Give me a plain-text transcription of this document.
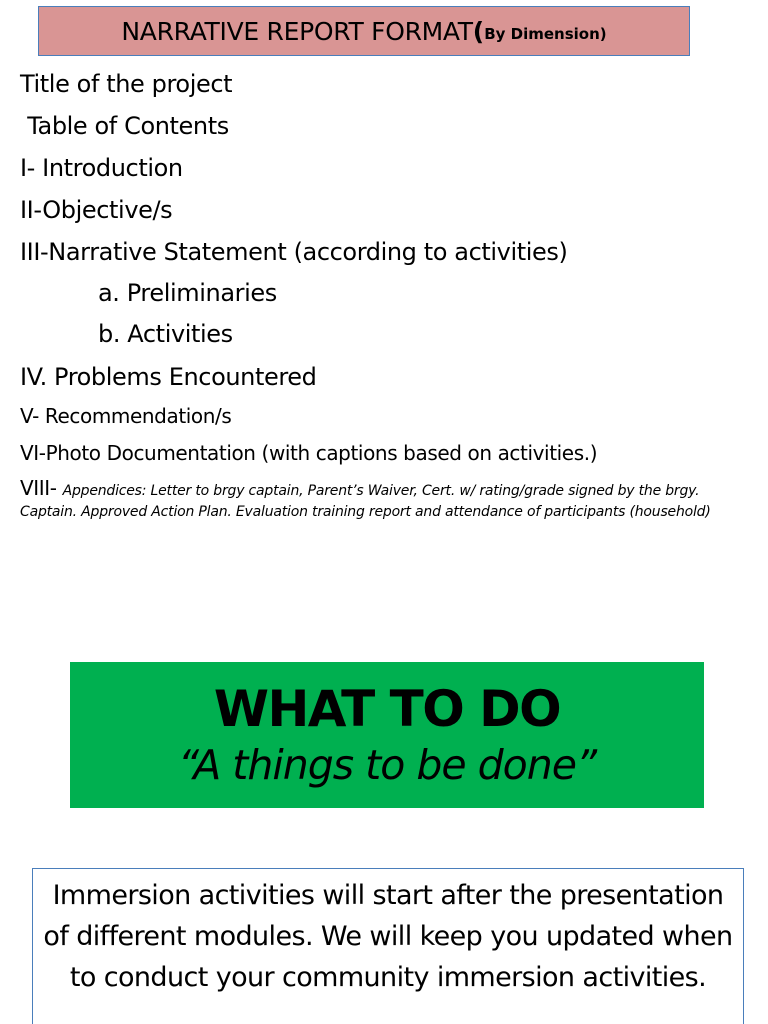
NARRATIVE REPORT FORMAT ( By Dimension)
Title of the project
Table of Contents
I- Introduction
II-Objective/s
III-Narrative Statement (according to activities)
a. Preliminaries
b. Activities
IV. Problems Encountered
V- Recommendation/s
VI-Photo Documentation (with captions based on activities.)
VIII- Appendices: Letter to brgy captain, Parent’s Waiver, Cert. w/ rating/grade signed by the brgy. Captain. Approved Action Plan. Evaluation training report and attendance of participants (household)
WHAT TO DO
“A things to be done”
Immersion activities will start after the presentation of different modules. We will keep you updated when to conduct your community immersion activities.
